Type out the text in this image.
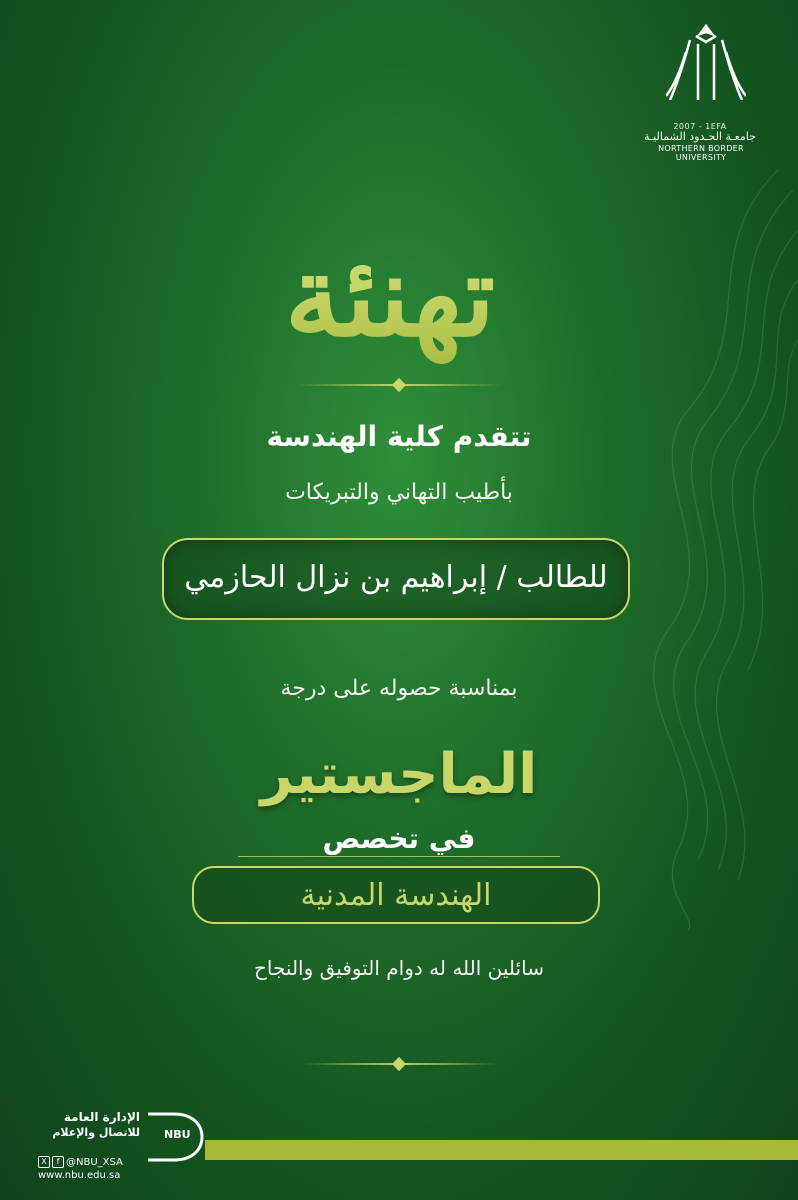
2007 - 1EFA
جامعـة الحـدود الشماليـة
NORTHERN BORDER UNIVERSITY
تهنئة
تتقدم كلية الهندسة
بأطيب التهاني والتبريكات
للطالب / إبراهيم بن نزال الحازمي
بمناسبة حصوله على درجة
الماجستير
في تخصص
الهندسة المدنية
سائلين الله له دوام التوفيق والنجاح
NBU
الإدارة العامة
للاتصال والإعلام
X f @NBU_XSA
www.nbu.edu.sa
